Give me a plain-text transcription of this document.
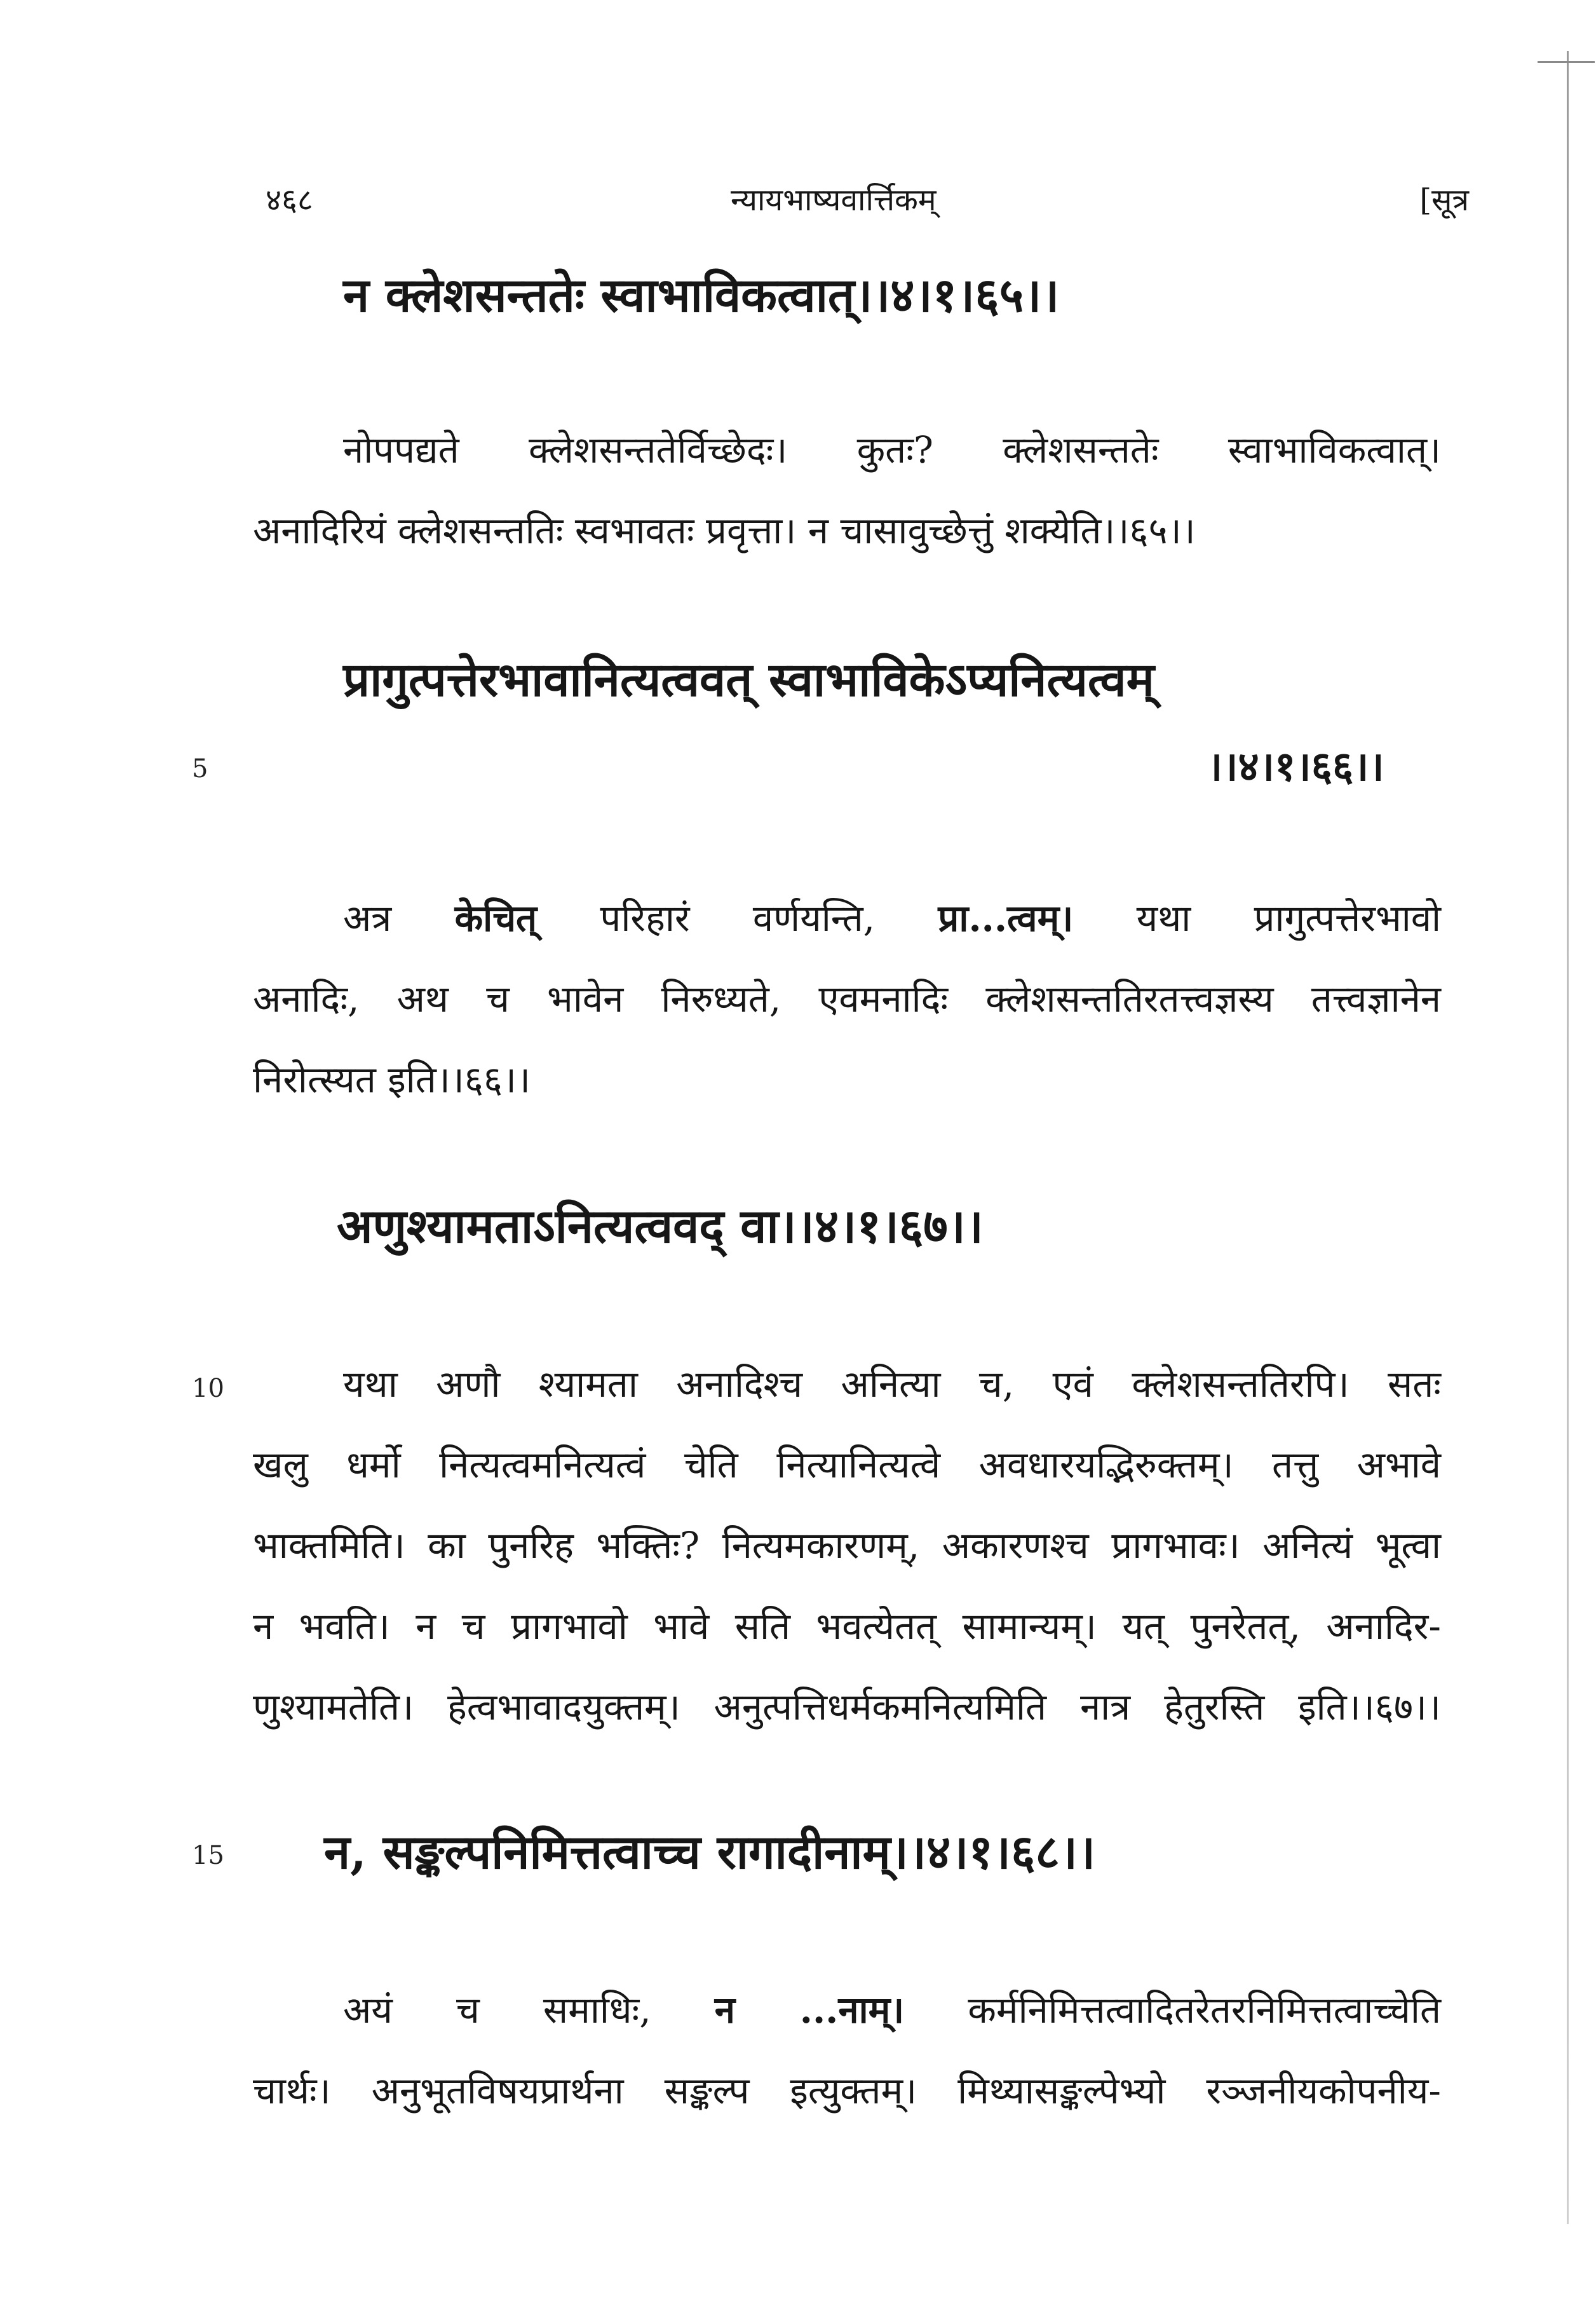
४६८	न्यायभाष्यवार्त्तिकम्	[सूत्र
न क्लेशसन्ततेः स्वाभाविकत्वात्।।४।१।६५।।
नोपपद्यते क्लेशसन्ततेर्विच्छेदः। कुतः? क्लेशसन्ततेः स्वाभाविकत्वात्।
अनादिरियं क्लेशसन्ततिः स्वभावतः प्रवृत्ता। न चासावुच्छेत्तुं शक्येति।।६५।।
प्रागुत्पत्तेरभावानित्यत्ववत् स्वाभाविकेऽप्यनित्यत्वम्
।।४।१।६६।।
5
अत्र केचित् परिहारं वर्णयन्ति, प्रा...त्वम्। यथा प्रागुत्पत्तेरभावो
अनादिः, अथ च भावेन निरुध्यते, एवमनादिः क्लेशसन्ततिरतत्त्वज्ञस्य तत्त्वज्ञानेन
निरोत्स्यत इति।।६६।।
अणुश्यामताऽनित्यत्ववद् वा।।४।१।६७।।
10	यथा अणौ श्यामता अनादिश्च अनित्या च, एवं क्लेशसन्ततिरपि। सतः
खलु धर्मो नित्यत्वमनित्यत्वं चेति नित्यानित्यत्वे अवधारयद्भिरुक्तम्। तत्तु अभावे
भाक्तमिति। का पुनरिह भक्तिः? नित्यमकारणम्, अकारणश्च प्रागभावः। अनित्यं भूत्वा
न भवति। न च प्रागभावो भावे सति भवत्येतत् सामान्यम्। यत् पुनरेतत्, अनादिर-
णुश्यामतेति। हेत्वभावादयुक्तम्। अनुत्पत्तिधर्मकमनित्यमिति नात्र हेतुरस्ति इति।।६७।।
15 न, सङ्कल्पनिमित्तत्वाच्च रागादीनाम्।।४।१।६८।।
अयं च समाधिः, न ...नाम्। कर्मनिमित्तत्वादितरेतरनिमित्तत्वाच्चेति
चार्थः। अनुभूतविषयप्रार्थना सङ्कल्प इत्युक्तम्। मिथ्यासङ्कल्पेभ्यो रञ्जनीयकोपनीय-
